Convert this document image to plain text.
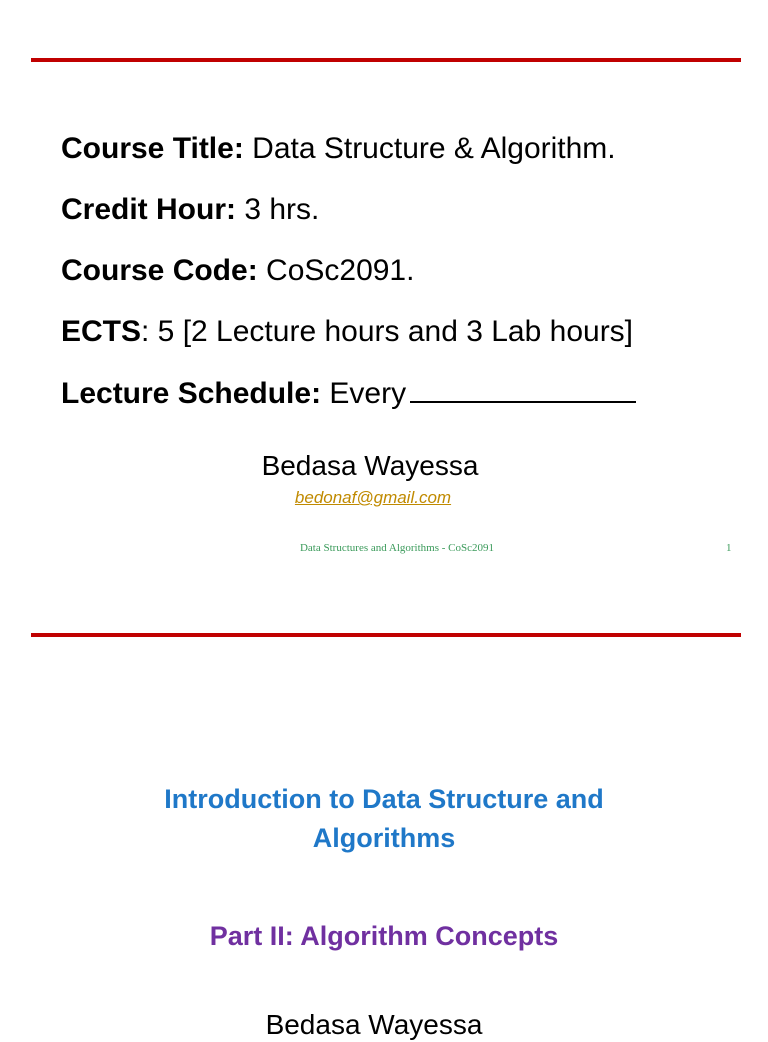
Course Title: Data Structure & Algorithm.
Credit Hour: 3 hrs.
Course Code: CoSc2091.
ECTS: 5 [2 Lecture hours and 3 Lab hours]
Lecture Schedule: Every
Bedasa Wayessa
bedonaf@gmail.com
Data Structures and Algorithms - CoSc2091	1
Introduction to Data Structure and
Algorithms
Part II: Algorithm Concepts
Bedasa Wayessa
